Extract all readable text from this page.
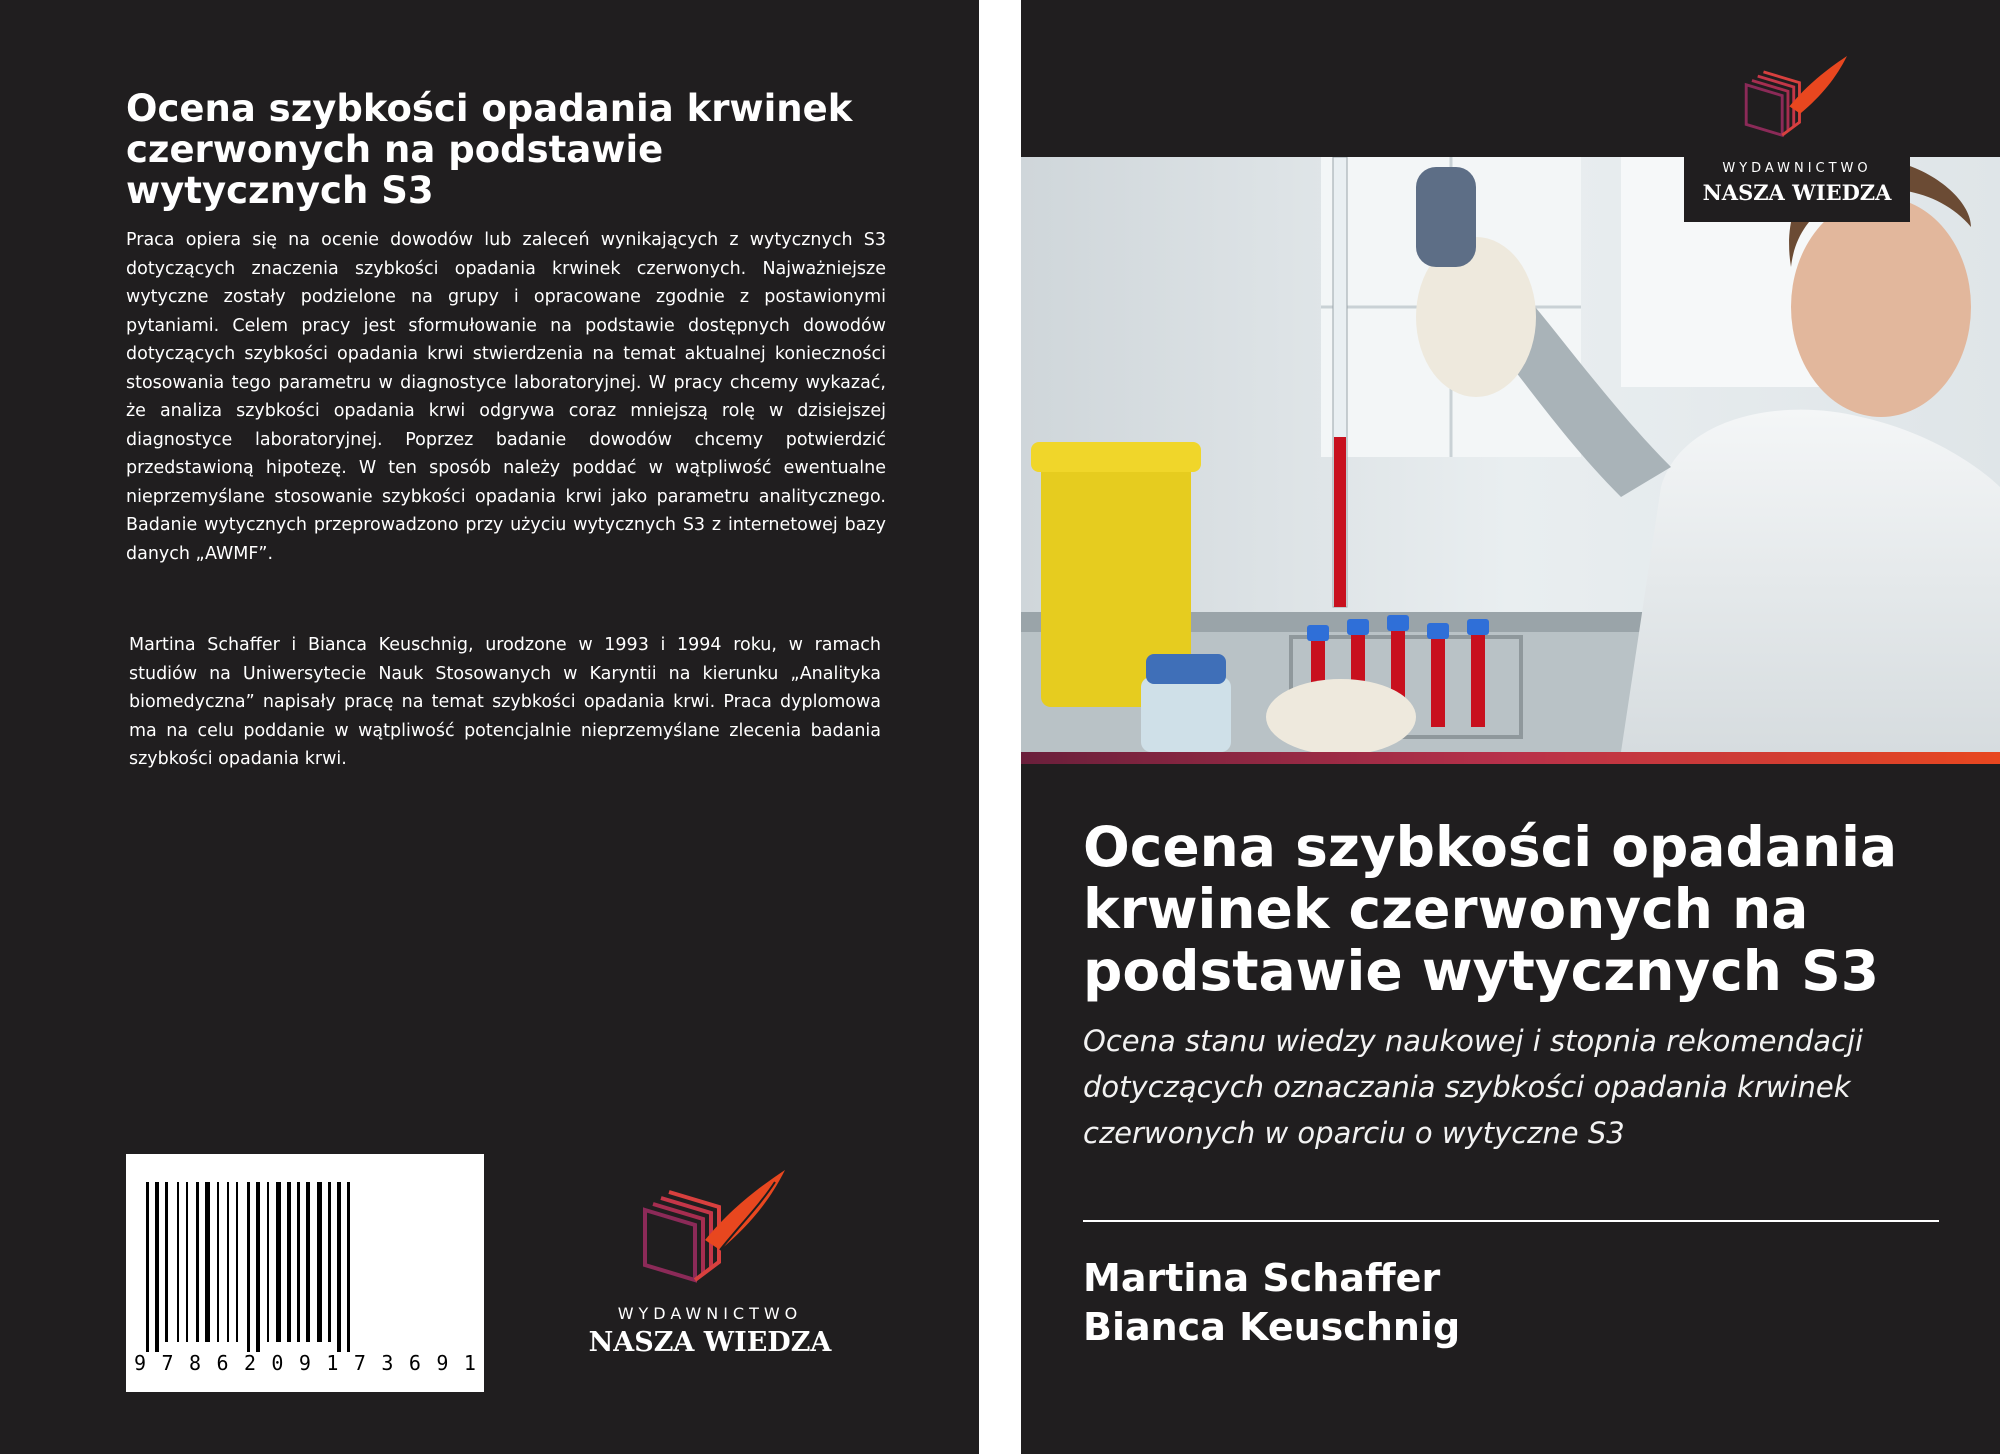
Ocena szybkości opadania krwinek czerwonych na podstawie wytycznych S3
Praca opiera się na ocenie dowodów lub zaleceń wynikających z wytycznych S3 dotyczących znaczenia szybkości opadania krwinek czerwonych. Najważniejsze wytyczne zostały podzielone na grupy i opracowane zgodnie z postawionymi pytaniami. Celem pracy jest sformułowanie na podstawie dostępnych dowodów dotyczących szybkości opadania krwi stwierdzenia na temat aktualnej konieczności stosowania tego parametru w diagnostyce laboratoryjnej. W pracy chcemy wykazać, że analiza szybkości opadania krwi odgrywa coraz mniejszą rolę w dzisiejszej diagnostyce laboratoryjnej. Poprzez badanie dowodów chcemy potwierdzić przedstawioną hipotezę. W ten sposób należy poddać w wątpliwość ewentualne nieprzemyślane stosowanie szybkości opadania krwi jako parametru analitycznego. Badanie wytycznych przeprowadzono przy użyciu wytycznych S3 z internetowej bazy danych „AWMF”.
Martina Schaffer i Bianca Keuschnig, urodzone w 1993 i 1994 roku, w ramach studiów na Uniwersytecie Nauk Stosowanych w Karyntii na kierunku „Analityka biomedyczna” napisały pracę na temat szybkości opadania krwi. Praca dyplomowa ma na celu poddanie w wątpliwość potencjalnie nieprzemyślane zlecenia badania szybkości opadania krwi.
9 7 8 6 2 0 9 1 7 3 6 9 1
WYDAWNICTWO
NASZA WIEDZA
WYDAWNICTWO
NASZA WIEDZA
Ocena szybkości opadania krwinek czerwonych na podstawie wytycznych S3
Ocena stanu wiedzy naukowej i stopnia rekomendacji dotyczących oznaczania szybkości opadania krwinek czerwonych w oparciu o wytyczne S3
Martina Schaffer
Bianca Keuschnig
